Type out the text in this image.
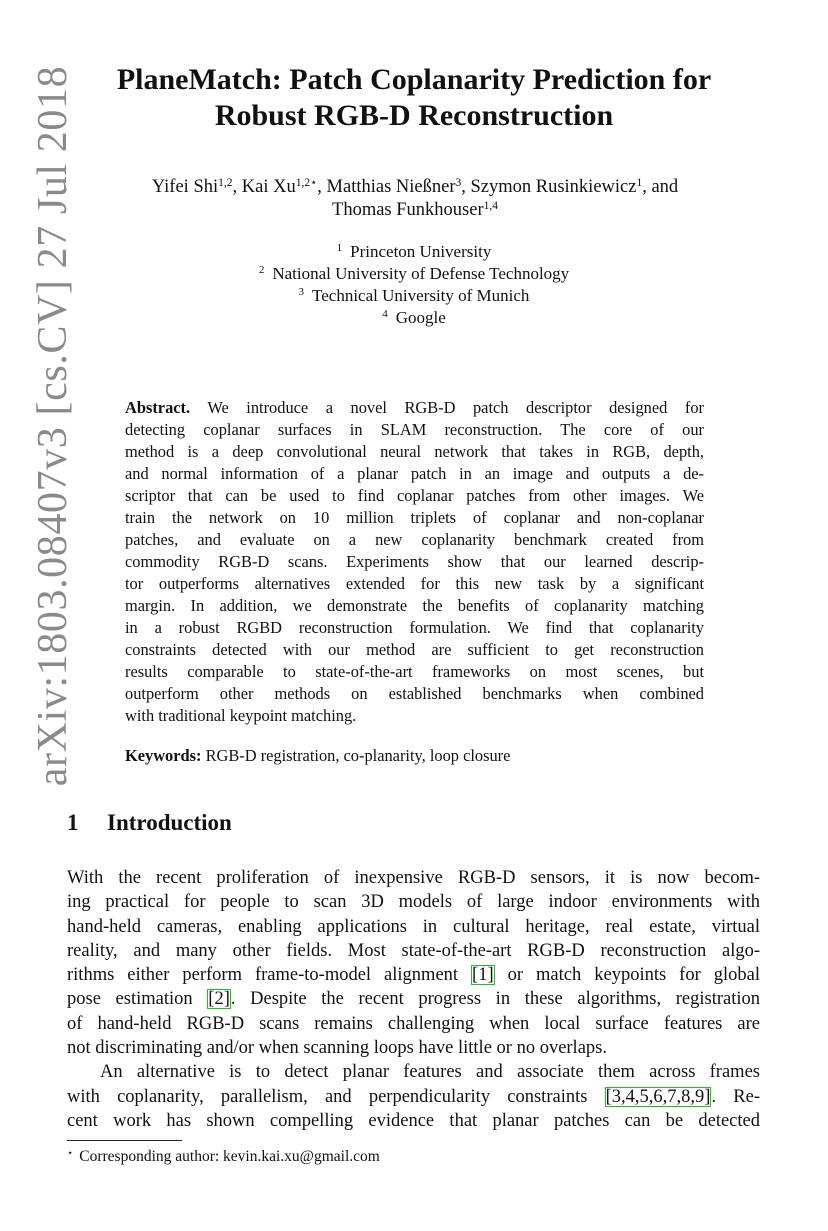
arXiv:1803.08407v3 [cs.CV] 27 Jul 2018	PlaneMatch: Patch Coplanarity Prediction for
Robust RGB-D Reconstruction
Yifei Shi$^{1,2}$, Kai $Xu^{1,2⋆}$, Matthias Nießner$^3$, Szymon Rusinkiewicz$^1$, and
Thomas Funkhouser$^{1,4}$
$^1$ Princeton University
$^2$ National University of Defense Technology
$^3$ Technical University of Munich
$^4$ Google
Abstract. We introduce a novel RGB-D patch descriptor designed for
detecting coplanar surfaces in SLAM reconstruction. The core of our
method is a deep convolutional neural network that takes in RGB, depth,
and normal information of a planar patch in an image and outputs a de-
scriptor that can be used to find coplanar patches from other images. We
train the network on 10 million triplets of coplanar and non-coplanar
patches, and evaluate on a new coplanarity benchmark created from
commodity RGB-D scans. Experiments show that our learned descrip-
tor outperforms alternatives extended for this new task by a significant
margin. In addition, we demonstrate the benefits of coplanarity matching
in a robust RGBD reconstruction formulation. We find that coplanarity
constraints detected with our method are sufficient to get reconstruction
results comparable to state-of-the-art frameworks on most scenes, but
outperform other methods on established benchmarks when combined
with traditional keypoint matching.
Keywords: RGB-D registration, co-planarity, loop closure
1 Introduction
With the recent proliferation of inexpensive RGB-D sensors, it is now becom-
ing practical for people to scan 3D models of large indoor environments with
hand-held cameras, enabling applications in cultural heritage, real estate, virtual
reality, and many other fields. Most state-of-the-art RGB-D reconstruction algo-
rithms either perform frame-to-model alignment [1] or match keypoints for global
pose estimation [2]. Despite the recent progress in these algorithms, registration
of hand-held RGB-D scans remains challenging when local surface features are
not discriminating and/or when scanning loops have little or no overlaps.
An alternative is to detect planar features and associate them across frames
with coplanarity, parallelism, and perpendicularity constraints [3,4,5,6,7,8,9]. Re-
cent work has shown compelling evidence that planar patches can be detected
⋆ Corresponding author: kevin.kai.xu@gmail.com
